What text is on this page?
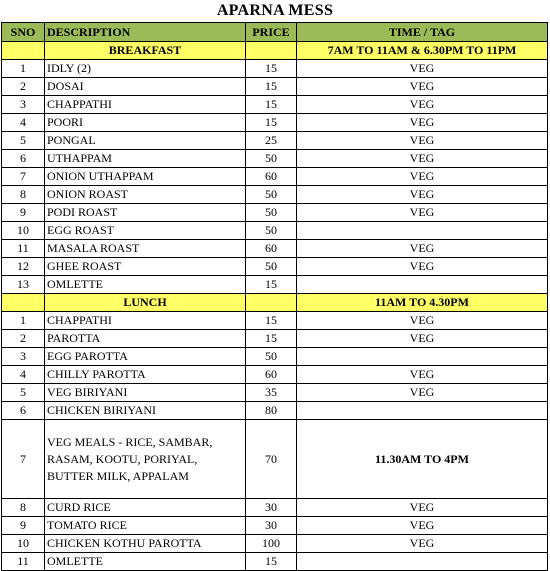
APARNA MESS
SNO	DESCRIPTION	PRICE	TIME / TAG
	BREAKFAST		7AM TO 11AM & 6.30PM TO 11PM
1	IDLY (2)	15	VEG
2	DOSAI	15	VEG
3	CHAPPATHI	15	VEG
4	POORI	15	VEG
5	PONGAL	25	VEG
6	UTHAPPAM	50	VEG
7	ONION UTHAPPAM	60	VEG
8	ONION ROAST	50	VEG
9	PODI ROAST	50	VEG
10	EGG ROAST	50	
11	MASALA ROAST	60	VEG
12	GHEE ROAST	50	VEG
13	OMLETTE	15	
	LUNCH		11AM TO 4.30PM
1	CHAPPATHI	15	VEG
2	PAROTTA	15	VEG
3	EGG PAROTTA	50	
4	CHILLY PAROTTA	60	VEG
5	VEG BIRIYANI	35	VEG
6	CHICKEN BIRIYANI	80	
7	VEG MEALS - RICE, SAMBAR, RASAM, KOOTU, PORIYAL, BUTTER MILK, APPALAM	70	11.30AM TO 4PM
8	CURD RICE	30	VEG
9	TOMATO RICE	30	VEG
10	CHICKEN KOTHU PAROTTA	100	VEG
11	OMLETTE	15	
